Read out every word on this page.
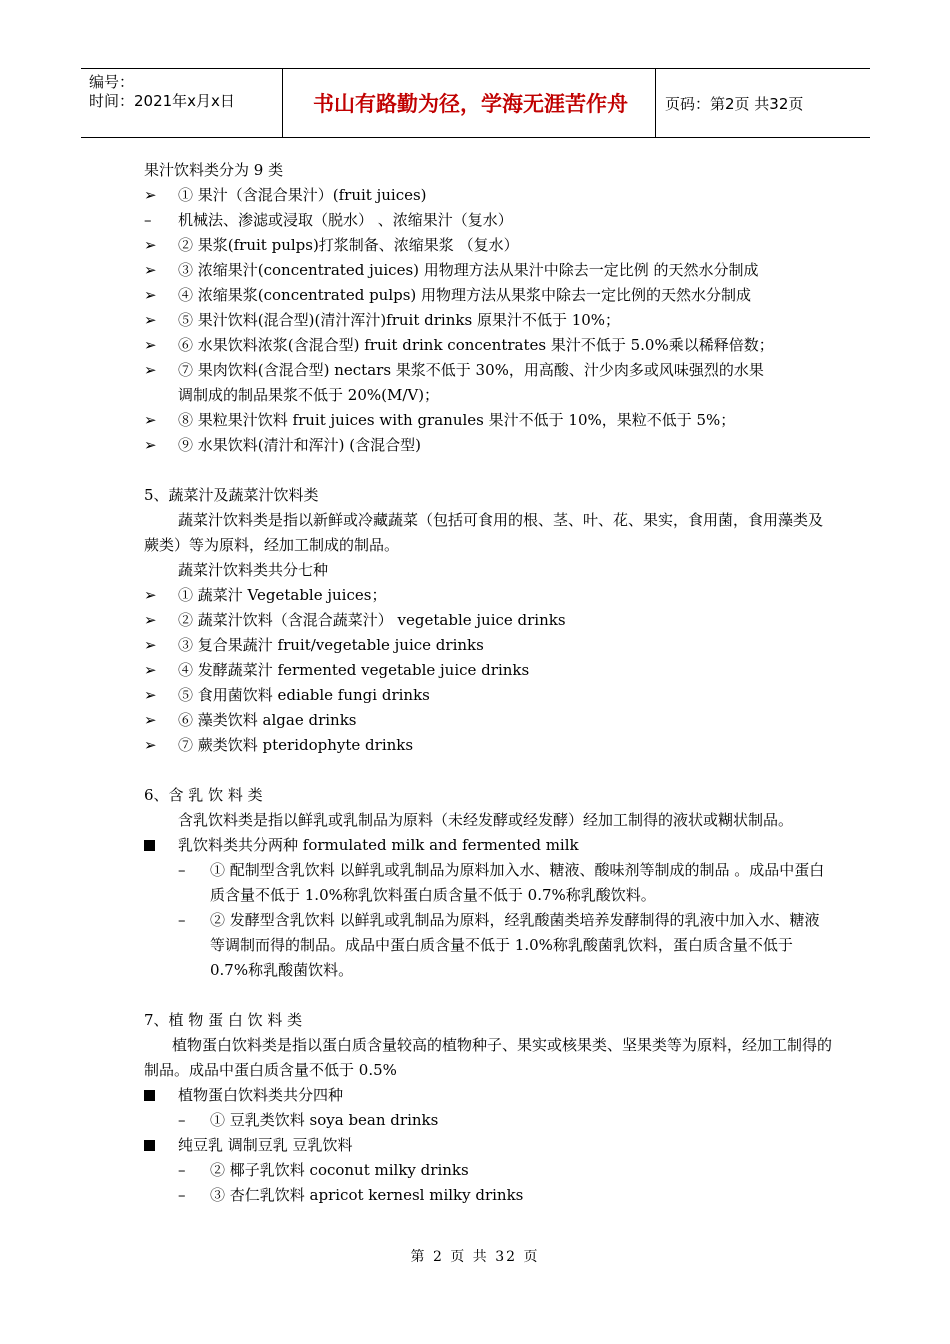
编号：
时间：2021年x月x日	书山有路勤为径，学海无涯苦作舟	页码：第2页 共32页
果汁饮料类分为 9 类
➢	① 果汁（含混合果汁）(fruit juices)
–	机械法、渗滤或浸取（脱水） 、浓缩果汁（复水）
➢	② 果浆(fruit pulps)打浆制备、浓缩果浆 （复水）
➢	③ 浓缩果汁(concentrated juices) 用物理方法从果汁中除去一定比例 的天然水分制成
➢	④ 浓缩果浆(concentrated pulps) 用物理方法从果浆中除去一定比例的天然水分制成
➢	⑤ 果汁饮料(混合型)(清汁浑汁)fruit drinks 原果汁不低于 10%；
➢	⑥ 水果饮料浓浆(含混合型) fruit drink concentrates 果汁不低于 5.0%乘以稀释倍数；
➢	⑦ 果肉饮料(含混合型) nectars 果浆不低于 30%，用高酸、汁少肉多或风味强烈的水果
调制成的制品果浆不低于 20%(M/V)；
➢	⑧ 果粒果汁饮料 fruit juices with granules 果汁不低于 10%，果粒不低于 5%；
➢	⑨ 水果饮料(清汁和浑汁) (含混合型)
5、蔬菜汁及蔬菜汁饮料类
蔬菜汁饮料类是指以新鲜或冷藏蔬菜（包括可食用的根、茎、叶、花、果实，食用菌，食用藻类及蕨类）等为原料，经加工制成的制品。
蔬菜汁饮料类共分七种
➢	① 蔬菜汁 Vegetable juices；
➢	② 蔬菜汁饮料（含混合蔬菜汁） vegetable juice drinks
➢	③ 复合果蔬汁 fruit/vegetable juice drinks
➢	④ 发酵蔬菜汁 fermented vegetable juice drinks
➢	⑤ 食用菌饮料 ediable fungi drinks
➢	⑥ 藻类饮料 algae drinks
➢	⑦ 蕨类饮料 pteridophyte drinks
6、含 乳 饮 料 类
含乳饮料类是指以鲜乳或乳制品为原料（未经发酵或经发酵）经加工制得的液状或糊状制品。
乳饮料类共分两种 formulated milk and fermented milk
– ① 配制型含乳饮料 以鲜乳或乳制品为原料加入水、糖液、酸味剂等制成的制品 。成品中蛋白质含量不低于 1.0%称乳饮料蛋白质含量不低于 0.7%称乳酸饮料。
– ② 发酵型含乳饮料 以鲜乳或乳制品为原料，经乳酸菌类培养发酵制得的乳液中加入水、糖液等调制而得的制品。成品中蛋白质含量不低于 1.0%称乳酸菌乳饮料，蛋白质含量不低于 0.7%称乳酸菌饮料。
7、植 物 蛋 白 饮 料 类
植物蛋白饮料类是指以蛋白质含量较高的植物种子、果实或核果类、坚果类等为原料，经加工制得的制品。成品中蛋白质含量不低于 0.5%
植物蛋白饮料类共分四种
– ① 豆乳类饮料 soya bean drinks
纯豆乳 调制豆乳 豆乳饮料
– ② 椰子乳饮料 coconut milky drinks
– ③ 杏仁乳饮料 apricot kernesl milky drinks
第 2 页 共 32 页
